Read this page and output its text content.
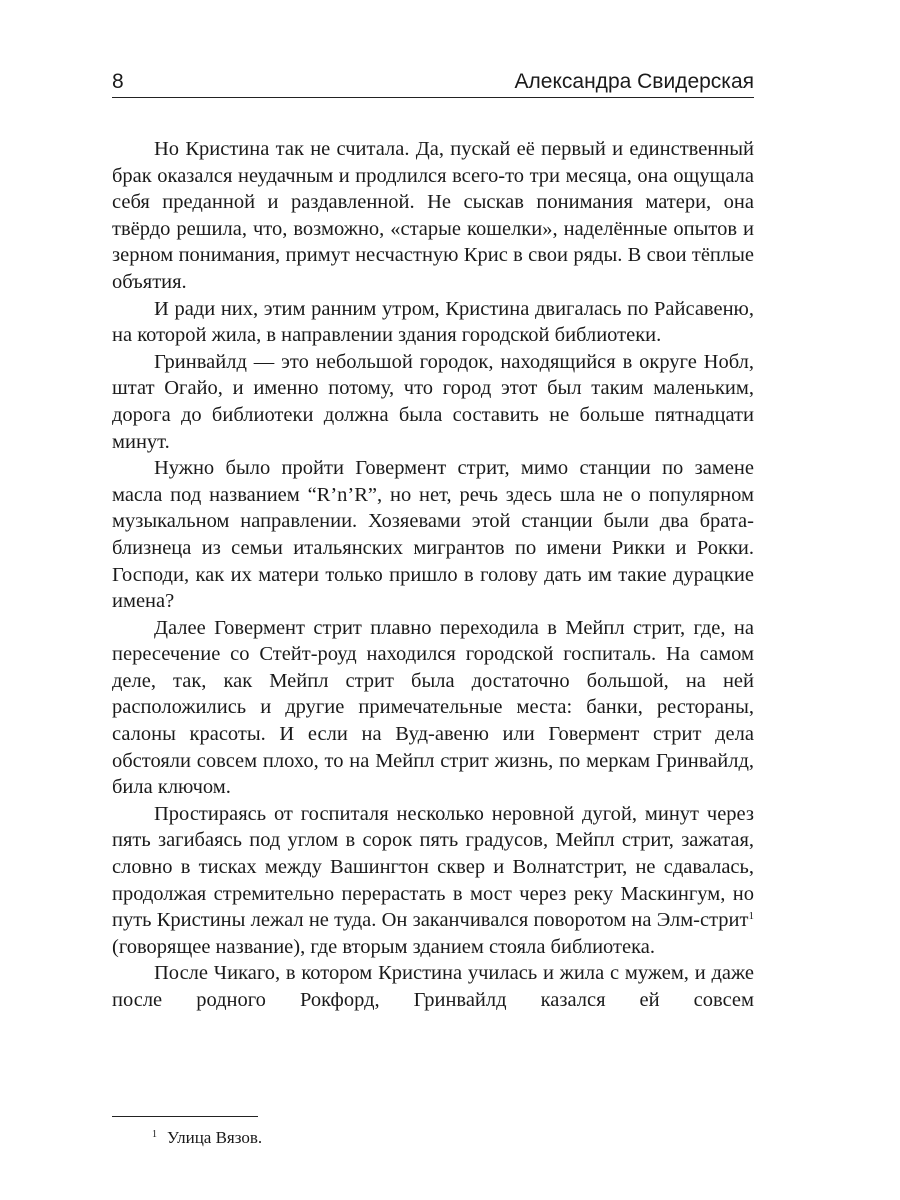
8	Александра Свидерская

Но Кристина так не считала. Да, пускай её первый и единственный брак оказался неудачным и продлился всего-то три месяца, она ощущала себя преданной и раздавленной. Не сыскав понимания матери, она твёрдо решила, что, возможно, «старые кошелки», наделённые опытов и зерном понимания, примут несчастную Крис в свои ряды. В свои тёплые объятия.

И ради них, этим ранним утром, Кристина двигалась по Райсавеню, на которой жила, в направлении здания городской библиотеки.

Гринвайлд — это небольшой городок, находящийся в округе Нобл, штат Огайо, и именно потому, что город этот был таким маленьким, дорога до библиотеки должна была составить не больше пятнадцати минут.

Нужно было пройти Говермент стрит, мимо станции по замене масла под названием “R’n’R”, но нет, речь здесь шла не о популярном музыкальном направлении. Хозяевами этой станции были два брата-близнеца из семьи итальянских мигрантов по имени Рикки и Рокки. Господи, как их матери только пришло в голову дать им такие дурацкие имена?

Далее Говермент стрит плавно переходила в Мейпл стрит, где, на пересечение со Стейт-роуд находился городской госпиталь. На самом деле, так, как Мейпл стрит была достаточно большой, на ней расположились и другие примечательные места: банки, рестораны, салоны красоты. И если на Вуд-авеню или Говермент стрит дела обстояли совсем плохо, то на Мейпл стрит жизнь, по меркам Гринвайлд, била ключом.

Простираясь от госпиталя несколько неровной дугой, минут через пять загибаясь под углом в сорок пять градусов, Мейпл стрит, зажатая, словно в тисках между Вашингтон сквер и Волнатстрит, не сдавалась, продолжая стремительно перерастать в мост через реку Маскингум, но путь Кристины лежал не туда. Он заканчивался поворотом на Элм-стрит$^1$ (говорящее название), где вторым зданием стояла библиотека.

После Чикаго, в котором Кристина училась и жила с мужем, и даже после родного Рокфорд, Гринвайлд казался ей совсем

$^1$ Улица Вязов.
